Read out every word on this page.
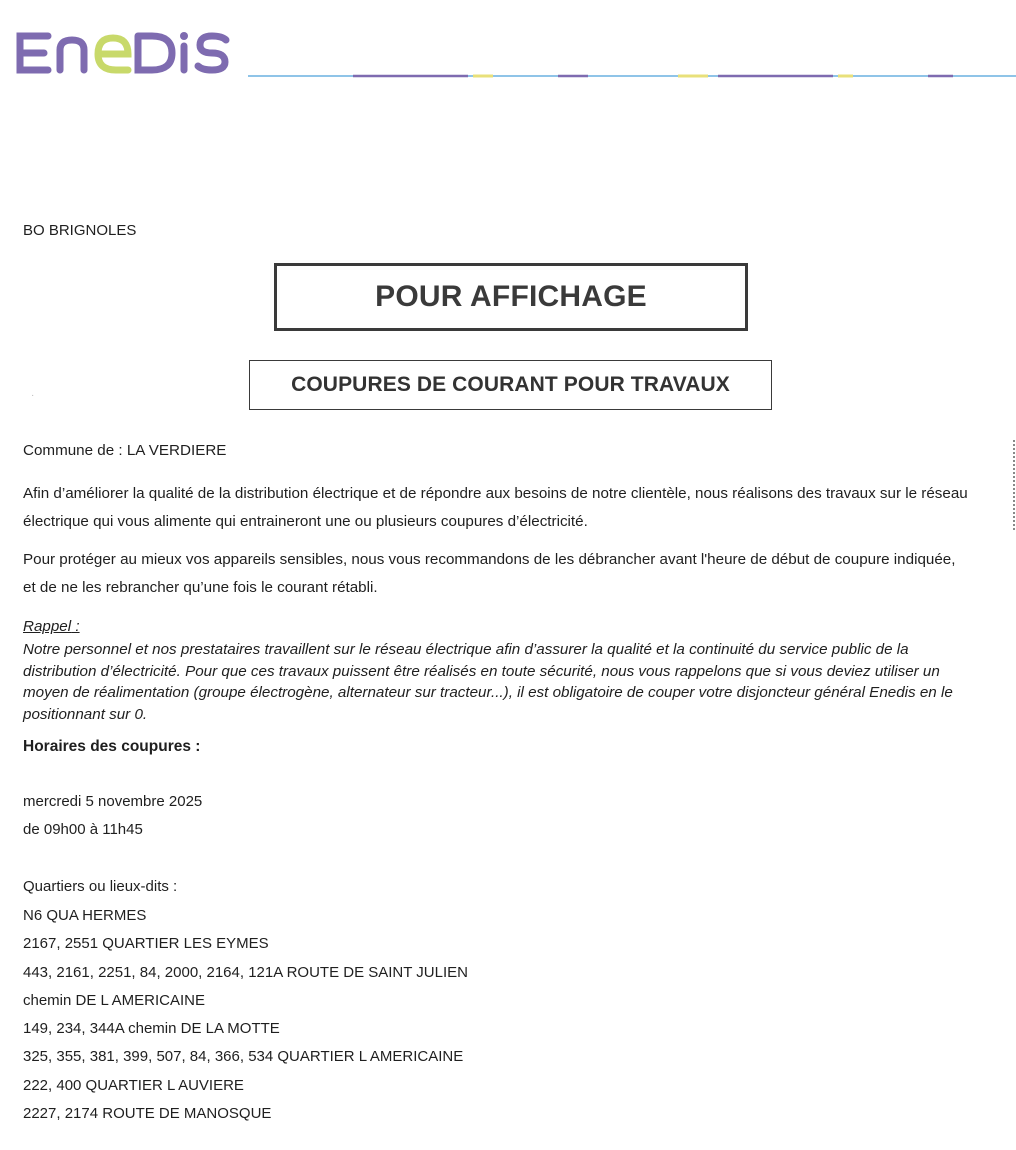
BO BRIGNOLES
POUR AFFICHAGE
COUPURES DE COURANT POUR TRAVAUX
·
Commune de : LA VERDIERE
Afin d’améliorer la qualité de la distribution électrique et de répondre aux besoins de notre clientèle, nous réalisons des travaux sur le réseau électrique qui vous alimente qui entraineront une ou plusieurs coupures d’électricité.
Pour protéger au mieux vos appareils sensibles, nous vous recommandons de les débrancher avant l'heure de début de coupure indiquée, et de ne les rebrancher qu’une fois le courant rétabli.
Rappel :
Notre personnel et nos prestataires travaillent sur le réseau électrique afin d’assurer la qualité et la continuité du service public de la distribution d’électricité. Pour que ces travaux puissent être réalisés en toute sécurité, nous vous rappelons que si vous deviez utiliser un moyen de réalimentation (groupe électrogène, alternateur sur tracteur...), il est obligatoire de couper votre disjoncteur général Enedis en le positionnant sur 0.
Horaires des coupures :
mercredi 5 novembre 2025
de 09h00 à 11h45
Quartiers ou lieux-dits :
N6 QUA HERMES
2167, 2551 QUARTIER LES EYMES
443, 2161, 2251, 84, 2000, 2164, 121A ROUTE DE SAINT JULIEN
chemin DE L AMERICAINE
149, 234, 344A chemin DE LA MOTTE
325, 355, 381, 399, 507, 84, 366, 534 QUARTIER L AMERICAINE
222, 400 QUARTIER L AUVIERE
2227, 2174 ROUTE DE MANOSQUE
